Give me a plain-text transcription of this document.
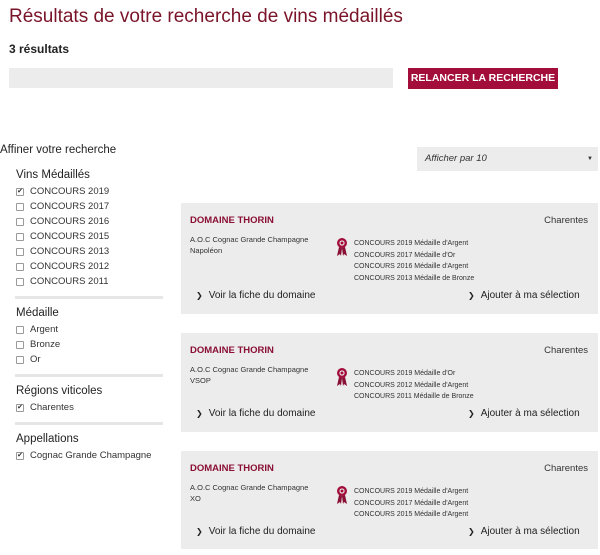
Résultats de votre recherche de vins médaillés
3 résultats
RELANCER LA RECHERCHE
Affiner votre recherche
Vins Médaillés
✔
CONCOURS 2019
CONCOURS 2017
CONCOURS 2016
CONCOURS 2015
CONCOURS 2013
CONCOURS 2012
CONCOURS 2011
Médaille
Argent
Bronze
Or
Régions viticoles
✔
Charentes
Appellations
✔
Cognac Grande Champagne
Afficher par 10	▼
DOMAINE THORIN	Charentes
A.O.C Cognac Grande Champagne
Napoléon
CONCOURS 2019 Médaille d'Argent
CONCOURS 2017 Médaille d'Or
CONCOURS 2016 Médaille d'Argent
CONCOURS 2013 Médaille de Bronze
❯ Voir la fiche du domaine	❯ Ajouter à ma sélection
DOMAINE THORIN	Charentes
A.O.C Cognac Grande Champagne
VSOP
CONCOURS 2019 Médaille d'Or
CONCOURS 2012 Médaille d'Argent
CONCOURS 2011 Médaille de Bronze
❯ Voir la fiche du domaine	❯ Ajouter à ma sélection
DOMAINE THORIN	Charentes
A.O.C Cognac Grande Champagne
XO
CONCOURS 2019 Médaille d'Argent
CONCOURS 2017 Médaille d'Argent
CONCOURS 2015 Médaille d'Argent
❯ Voir la fiche du domaine	❯ Ajouter à ma sélection
